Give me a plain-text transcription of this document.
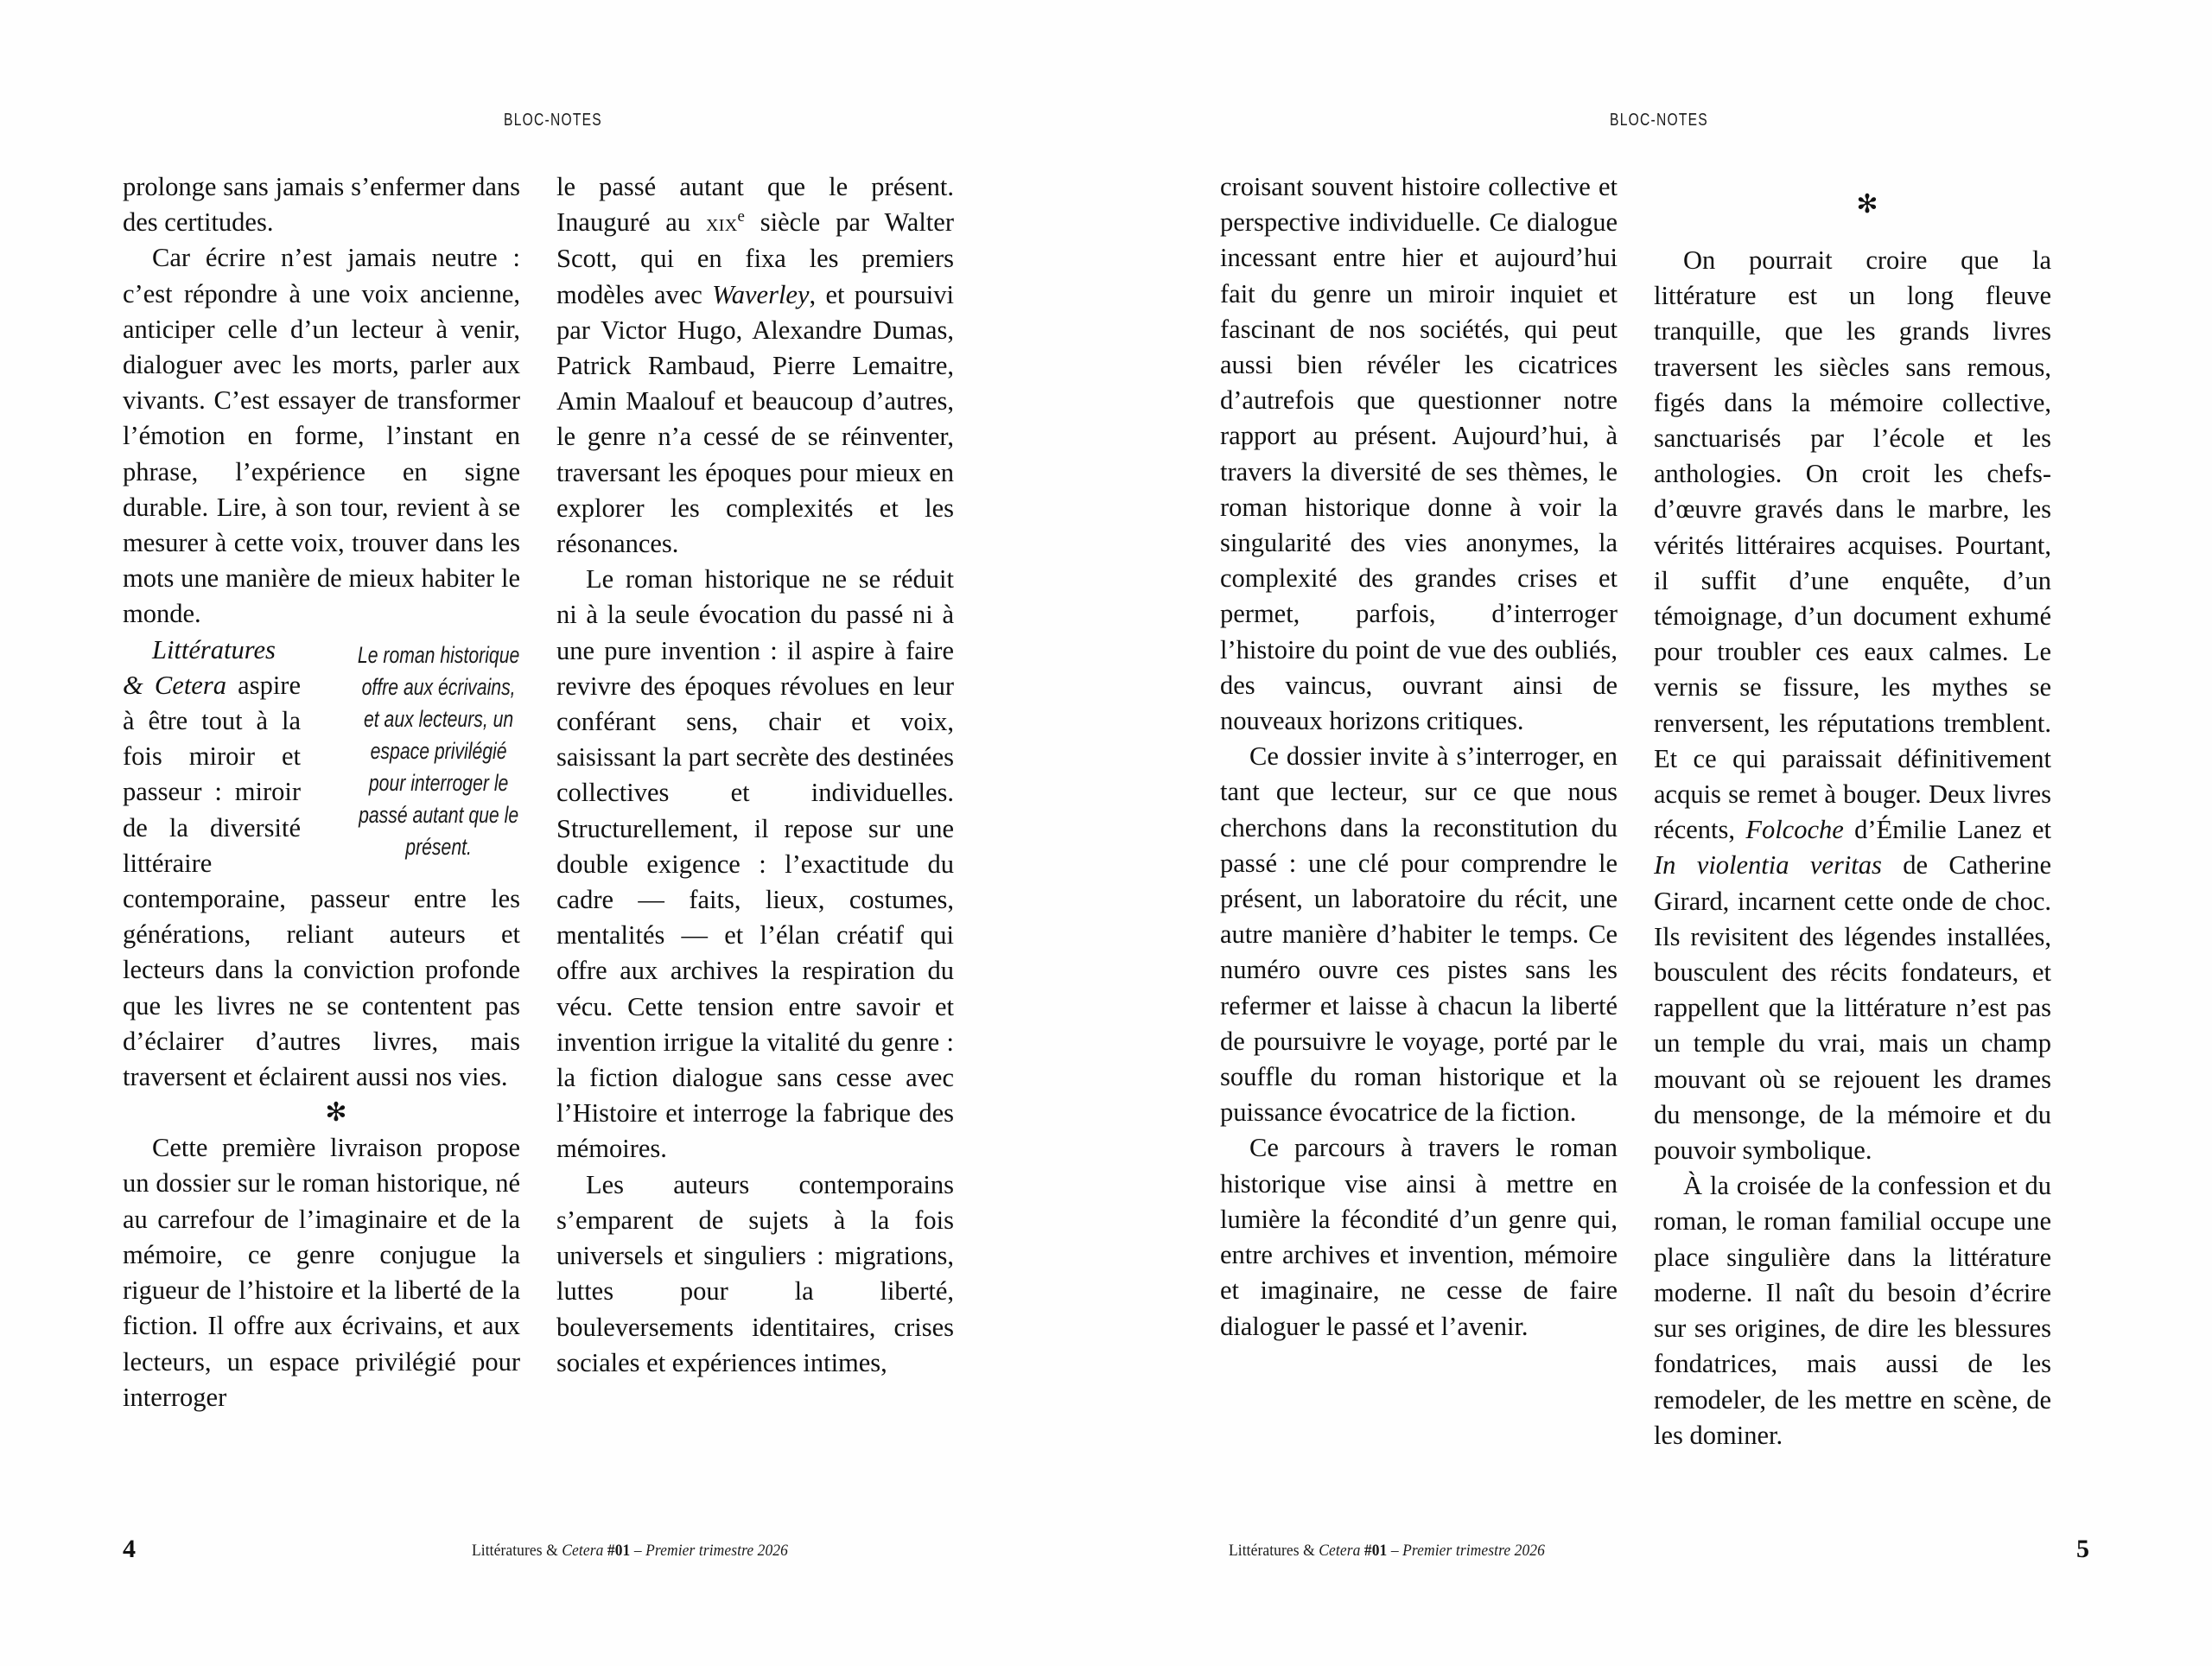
BLOC-NOTES

prolonge sans jamais s’enfermer dans des certitudes.

Car écrire n’est jamais neutre : c’est répondre à une voix ancienne, anticiper celle d’un lecteur à venir, dialoguer avec les morts, parler aux vivants. C’est essayer de transformer l’émotion en forme, l’instant en phrase, l’expérience en signe durable. Lire, à son tour, revient à se mesurer à cette voix, trouver dans les mots une manière de mieux habiter le monde.

Le roman historique offre aux écrivains, et aux lecteurs, un espace privilégié pour interroger le passé autant que le présent.

Littératures & Cetera aspire à être tout à la fois miroir et passeur : miroir de la diversité littéraire contemporaine, passeur entre les générations, reliant auteurs et lecteurs dans la conviction profonde que les livres ne se contentent pas d’éclairer d’autres livres, mais traversent et éclairent aussi nos vies.

✻

Cette première livraison propose un dossier sur le roman historique, né au carrefour de l’imaginaire et de la mémoire, ce genre conjugue la rigueur de l’histoire et la liberté de la fiction. Il offre aux écrivains, et aux lecteurs, un espace privilégié pour interroger

le passé autant que le présent. Inauguré au xix$^e$ siècle par Walter Scott, qui en fixa les premiers modèles avec Waverley, et poursuivi par Victor Hugo, Alexandre Dumas, Patrick Rambaud, Pierre Lemaitre, Amin Maalouf et beaucoup d’autres, le genre n’a cessé de se réinventer, traversant les époques pour mieux en explorer les complexités et les résonances.

Le roman historique ne se réduit ni à la seule évocation du passé ni à une pure invention : il aspire à faire revivre des époques révolues en leur conférant sens, chair et voix, saisissant la part secrète des destinées collectives et individuelles. Structurellement, il repose sur une double exigence : l’exactitude du cadre — faits, lieux, costumes, mentalités — et l’élan créatif qui offre aux archives la respiration du vécu. Cette tension entre savoir et invention irrigue la vitalité du genre : la fiction dialogue sans cesse avec l’Histoire et interroge la fabrique des mémoires.

Les auteurs contemporains s’emparent de sujets à la fois universels et singuliers : migrations, luttes pour la liberté, bouleversements identitaires, crises sociales et expériences intimes,

4	Littératures & Cetera #01 – Premier trimestre 2026
BLOC-NOTES

croisant souvent histoire collective et perspective individuelle. Ce dialogue incessant entre hier et aujourd’hui fait du genre un miroir inquiet et fascinant de nos sociétés, qui peut aussi bien révéler les cicatrices d’autrefois que questionner notre rapport au présent. Aujourd’hui, à travers la diversité de ses thèmes, le roman historique donne à voir la singularité des vies anonymes, la complexité des grandes crises et permet, parfois, d’interroger l’histoire du point de vue des oubliés, des vaincus, ouvrant ainsi de nouveaux horizons critiques.

Ce dossier invite à s’interroger, en tant que lecteur, sur ce que nous cherchons dans la reconstitution du passé : une clé pour comprendre le présent, un laboratoire du récit, une autre manière d’habiter le temps. Ce numéro ouvre ces pistes sans les refermer et laisse à chacun la liberté de poursuivre le voyage, porté par le souffle du roman historique et la puissance évocatrice de la fiction.

Ce parcours à travers le roman historique vise ainsi à mettre en lumière la fécondité d’un genre qui, entre archives et invention, mémoire et imaginaire, ne cesse de faire dialoguer le passé et l’avenir.

✻

On pourrait croire que la littérature est un long fleuve tranquille, que les grands livres traversent les siècles sans remous, figés dans la mémoire collective, sanctuarisés par l’école et les anthologies. On croit les chefs-d’œuvre gravés dans le marbre, les vérités littéraires acquises. Pourtant, il suffit d’une enquête, d’un témoignage, d’un document exhumé pour troubler ces eaux calmes. Le vernis se fissure, les mythes se renversent, les réputations tremblent. Et ce qui paraissait définitivement acquis se remet à bouger. Deux livres récents, Folcoche d’Émilie Lanez et In violentia veritas de Catherine Girard, incarnent cette onde de choc. Ils revisitent des légendes installées, bousculent des récits fondateurs, et rappellent que la littérature n’est pas un temple du vrai, mais un champ mouvant où se rejouent les drames du mensonge, de la mémoire et du pouvoir symbolique.

À la croisée de la confession et du roman, le roman familial occupe une place singulière dans la littérature moderne. Il naît du besoin d’écrire sur ses origines, de dire les blessures fondatrices, mais aussi de les remodeler, de les mettre en scène, de les dominer.

5
Littératures & Cetera #01 – Premier trimestre 2026
